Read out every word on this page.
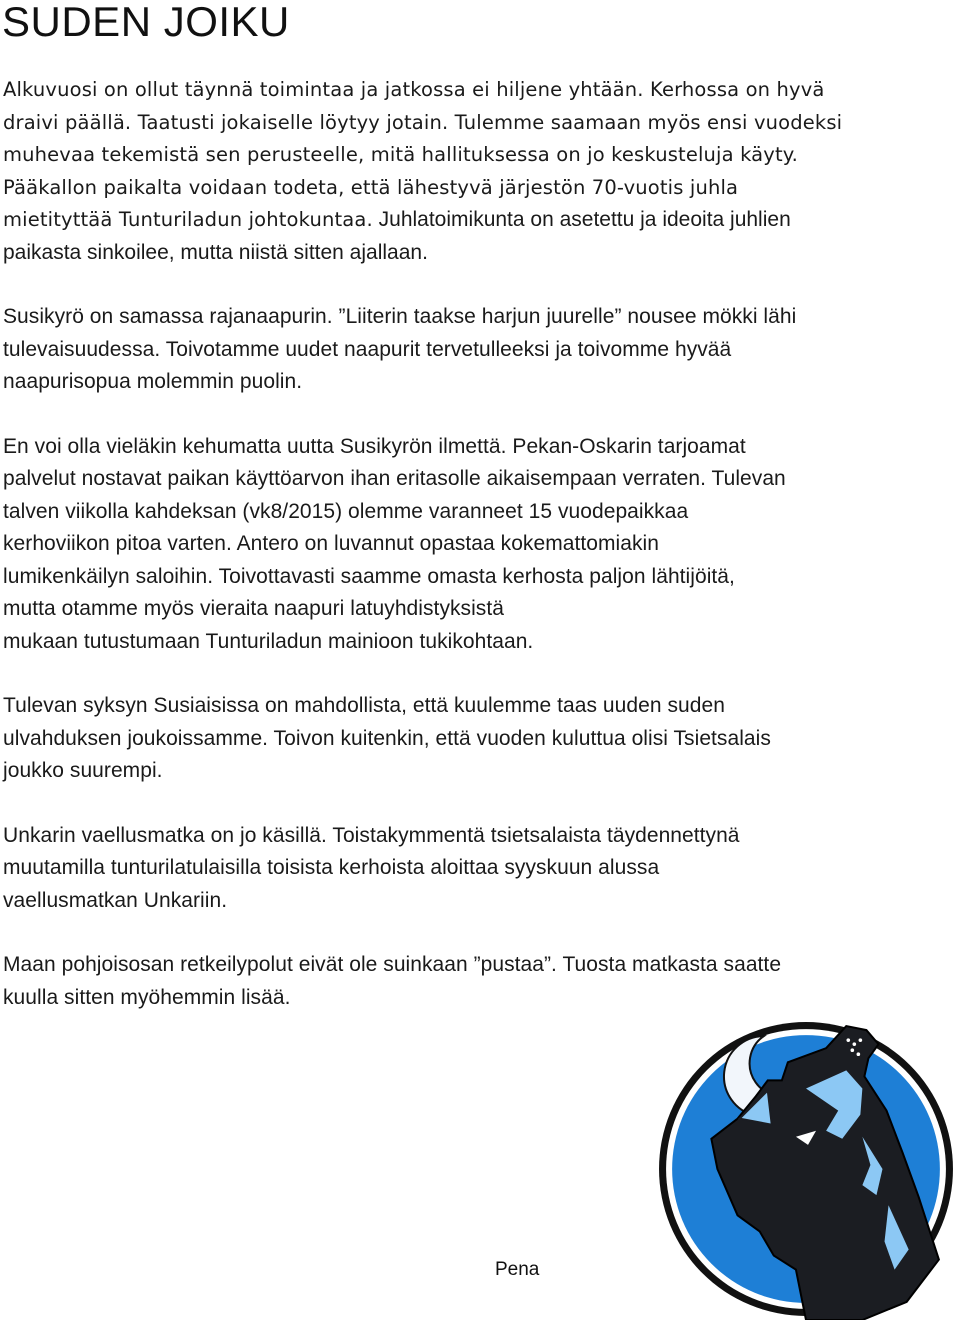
SUDEN JOIKU

Alkuvuosi on ollut täynnä toimintaa ja jatkossa ei hiljene yhtään. Kerhossa on hyvä
draivi päällä. Taatusti jokaiselle löytyy jotain. Tulemme saamaan myös ensi vuodeksi
muhevaa tekemistä sen perusteelle, mitä hallituksessa on jo keskusteluja käyty.
Pääkallon paikalta voidaan todeta, että lähestyvä järjestön 70-vuotis juhla
mietityttää Tunturiladun johtokuntaa. Juhlatoimikunta on asetettu ja ideoita juhlien
paikasta sinkoilee, mutta niistä sitten ajallaan.

Susikyrö on samassa rajanaapurin. ”Liiterin taakse harjun juurelle” nousee mökki lähi
tulevaisuudessa. Toivotamme uudet naapurit tervetulleeksi ja toivomme hyvää
naapurisopua molemmin puolin.

En voi olla vieläkin kehumatta uutta Susikyrön ilmettä. Pekan-Oskarin tarjoamat
palvelut nostavat paikan käyttöarvon ihan eritasolle aikaisempaan verraten. Tulevan
talven viikolla kahdeksan (vk8/2015) olemme varanneet 15 vuodepaikkaa
kerhoviikon pitoa varten. Antero on luvannut opastaa kokemattomiakin
lumikenkäilyn saloihin. Toivottavasti saamme omasta kerhosta paljon lähtijöitä,
mutta otamme myös vieraita naapuri latuyhdistyksistä
mukaan tutustumaan Tunturiladun mainioon tukikohtaan.

Tulevan syksyn Susiaisissa on mahdollista, että kuulemme taas uuden suden
ulvahduksen joukoissamme. Toivon kuitenkin, että vuoden kuluttua olisi Tsietsalais
joukko suurempi.

Unkarin vaellusmatka on jo käsillä. Toistakymmentä tsietsalaista täydennettynä
muutamilla tunturilatulaisilla toisista kerhoista aloittaa syyskuun alussa
vaellusmatkan Unkariin.

Maan pohjoisosan retkeilypolut eivät ole suinkaan ”pustaa”. Tuosta matkasta saatte
kuulla sitten myöhemmin lisää.

Pena
